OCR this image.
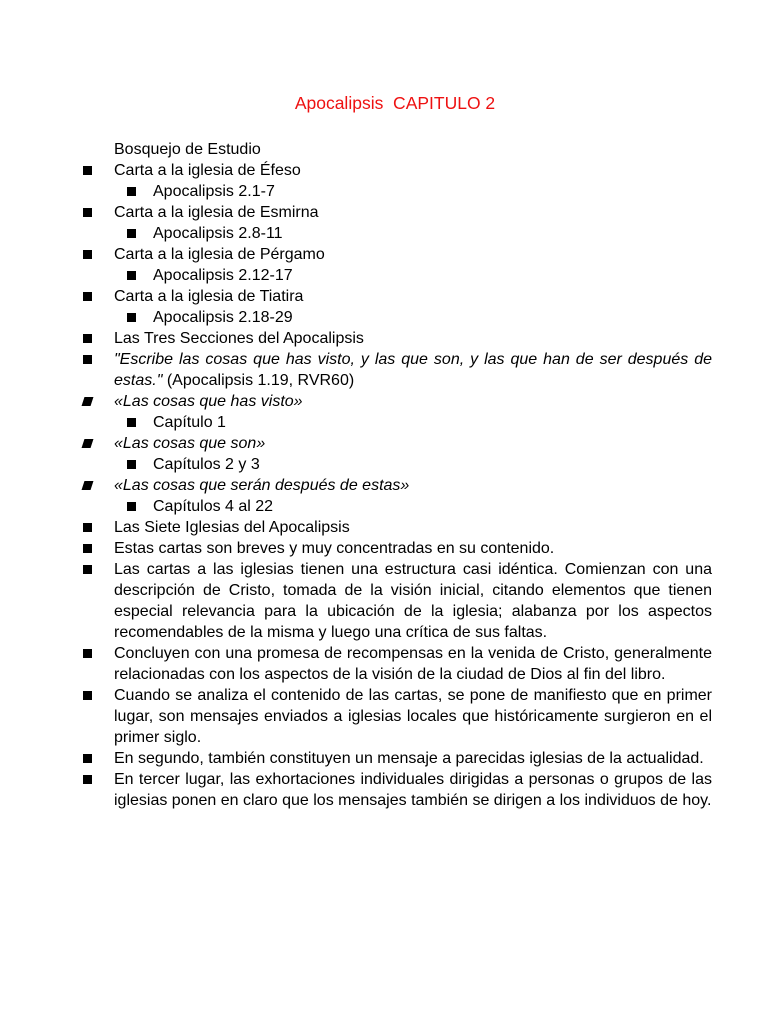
Apocalipsis  CAPITULO 2
Bosquejo de Estudio
Carta a la iglesia de Éfeso
Apocalipsis 2.1-7
Carta a la iglesia de Esmirna
Apocalipsis 2.8-11
Carta a la iglesia de Pérgamo
Apocalipsis 2.12-17
Carta a la iglesia de Tiatira
Apocalipsis 2.18-29
Las Tres Secciones del Apocalipsis
"Escribe las cosas que has visto, y las que son, y las que han de ser después de estas." (Apocalipsis 1.19, RVR60)
«Las cosas que has visto»
Capítulo 1
«Las cosas que son»
Capítulos 2 y 3
«Las cosas que serán después de estas»
Capítulos 4 al 22
Las Siete Iglesias del Apocalipsis
Estas cartas son breves y muy concentradas en su contenido.
Las cartas a las iglesias tienen una estructura casi idéntica. Comienzan con una descripción de Cristo, tomada de la visión inicial, citando elementos que tienen especial relevancia para la ubicación de la iglesia; alabanza por los aspectos recomendables de la misma y luego una crítica de sus faltas.
Concluyen con una promesa de recompensas en la venida de Cristo, generalmente relacionadas con los aspectos de la visión de la ciudad de Dios al fin del libro.
Cuando se analiza el contenido de las cartas, se pone de manifiesto que en primer lugar, son mensajes enviados a iglesias locales que históricamente surgieron en el primer siglo.
En segundo, también constituyen un mensaje a parecidas iglesias de la actualidad.
En tercer lugar, las exhortaciones individuales dirigidas a personas o grupos de las iglesias ponen en claro que los mensajes también se dirigen a los individuos de hoy.
